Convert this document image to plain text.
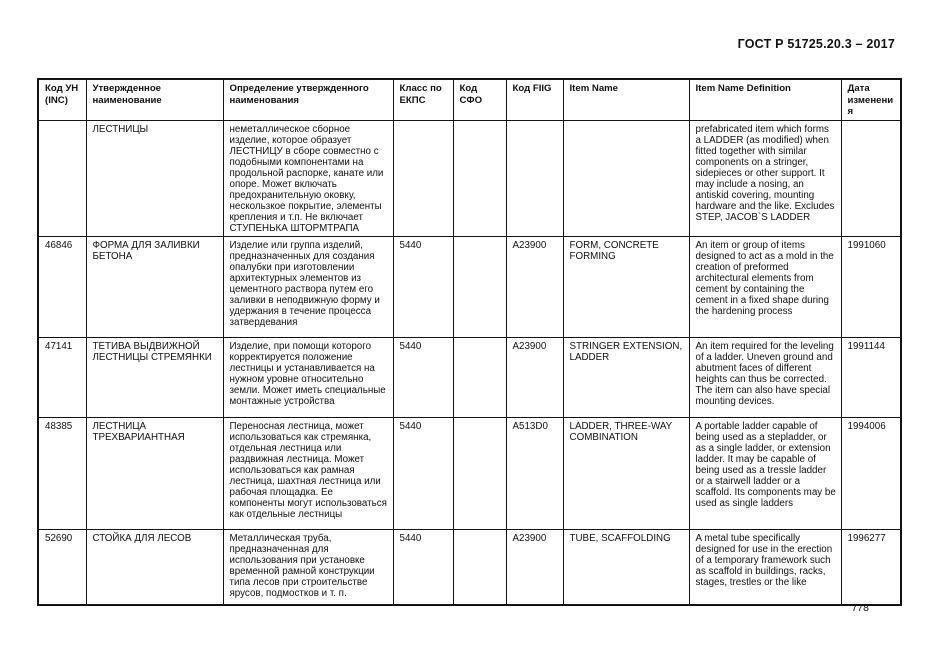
ГОСТ Р 51725.20.3 – 2017
Код УН (INC)	Утвержденное наименование	Определение утвержденного наименования	Класс по ЕКПС	Код СФО	Код FIIG	Item Name	Item Name Definition	Дата изменения
	ЛЕСТНИЦЫ	неметаллическое сборное изделие, которое образует ЛЕСТНИЦУ в сборе совместно с подобными компонентами на продольной распорке, канате или опоре. Может включать предохранительную оковку, нескользкое покрытие, элементы крепления и т.п. Не включает СТУПЕНЬКА ШТОРМТРАПА					prefabricated item which forms a LADDER (as modified) when fitted together with similar components on a stringer, sidepieces or other support. It may include a nosing, an antiskid covering, mounting hardware and the like. Excludes STEP, JACOB`S LADDER	
46846	ФОРМА ДЛЯ ЗАЛИВКИ БЕТОНА	Изделие или группа изделий, предназначенных для создания опалубки при изготовлении архитектурных элементов из цементного раствора путем его заливки в неподвижную форму и удержания в течение процесса затвердевания	5440		A23900	FORM, CONCRETE FORMING	An item or group of items designed to act as a mold in the creation of preformed architectural elements from cement by containing the cement in a fixed shape during the hardening process	1991060
47141	ТЕТИВА ВЫДВИЖНОЙ ЛЕСТНИЦЫ СТРЕМЯНКИ	Изделие, при помощи которого корректируется положение лестницы и устанавливается на нужном уровне относительно земли. Может иметь специальные монтажные устройства	5440		A23900	STRINGER EXTENSION, LADDER	An item required for the leveling of a ladder. Uneven ground and abutment faces of different heights can thus be corrected. The item can also have special mounting devices.	1991144
48385	ЛЕСТНИЦА ТРЕХВАРИАНТНАЯ	Переносная лестница, может использоваться как стремянка, отдельная лестница или раздвижная лестница. Может использоваться как рамная лестница, шахтная лестница или рабочая площадка. Ее компоненты могут использоваться как отдельные лестницы	5440		A513D0	LADDER, THREE-WAY COMBINATION	A portable ladder capable of being used as a stepladder, or as a single ladder, or extension ladder. It may be capable of being used as a tressle ladder or a stairwell ladder or a scaffold. Its components may be used as single ladders	1994006
52690	СТОЙКА ДЛЯ ЛЕСОВ	Металлическая труба, предназначенная для использования при установке временной рамной конструкции типа лесов при строительстве ярусов, подмостков и т. п.	5440		A23900	TUBE, SCAFFOLDING	A metal tube specifically designed for use in the erection of a temporary framework such as scaffold in buildings, racks, stages, trestles or the like	1996277
778
